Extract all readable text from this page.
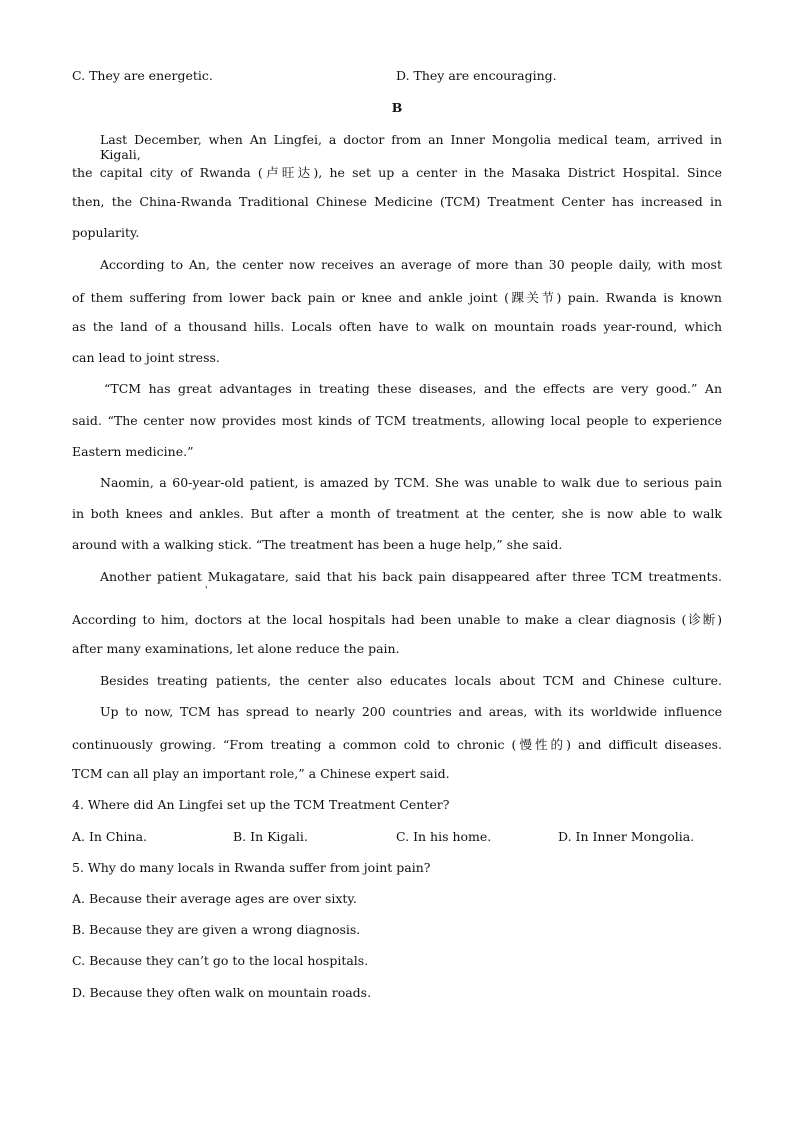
C. They are energetic.	D. They are encouraging.
B
Last December, when An Lingfei, a doctor from an Inner Mongolia medical team, arrived in Kigali,
the capital city of Rwanda (卢旺达), he set up a center in the Masaka District Hospital. Since
then, the China-Rwanda Traditional Chinese Medicine (TCM) Treatment Center has increased in
popularity.
According to An, the center now receives an average of more than 30 people daily, with most
of them suffering from lower back pain or knee and ankle joint (踝关节) pain. Rwanda is known
as the land of a thousand hills. Locals often have to walk on mountain roads year-round, which
can lead to joint stress.
“TCM has great advantages in treating these diseases, and the effects are very good.” An
said. “The center now provides most kinds of TCM treatments, allowing local people to experience
Eastern medicine.”
Naomin, a 60-year-old patient, is amazed by TCM. She was unable to walk due to serious pain
in both knees and ankles. But after a month of treatment at the center, she is now able to walk
around with a walking stick. “The treatment has been a huge help,” she said.
Another patient Mukagatare, said that his back pain disappeared after three TCM treatments.
'
According to him, doctors at the local hospitals had been unable to make a clear diagnosis (诊断)
after many examinations, let alone reduce the pain.
Besides treating patients, the center also educates locals about TCM and Chinese culture.
Up to now, TCM has spread to nearly 200 countries and areas, with its worldwide influence
continuously growing. “From treating a common cold to chronic (慢性的) and difficult diseases.
TCM can all play an important role,” a Chinese expert said.
4. Where did An Lingfei set up the TCM Treatment Center?
A. In China.	B. In Kigali.	C. In his home.	D. In Inner Mongolia.
5. Why do many locals in Rwanda suffer from joint pain?
A. Because their average ages are over sixty.
B. Because they are given a wrong diagnosis.
C. Because they can’t go to the local hospitals.
D. Because they often walk on mountain roads.
